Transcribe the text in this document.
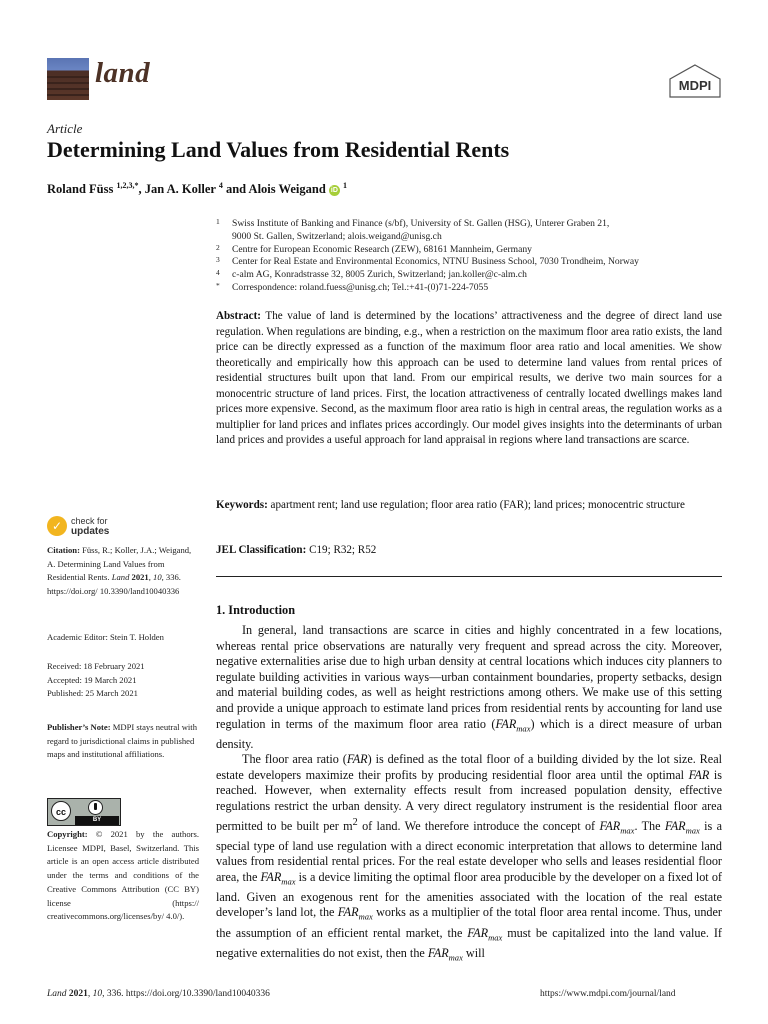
land	MDPI
Article
Determining Land Values from Residential Rents
Roland Füss $^{1,2,3,*}$, Jan A. Koller $^4$ and Alois Weigand iD $^1$
1 Swiss Institute of Banking and Finance (s/bf), University of St. Gallen (HSG), Unterer Graben 21,
9000 St. Gallen, Switzerland; alois.weigand@unisg.ch
2 Centre for European Economic Research (ZEW), 68161 Mannheim, Germany
3 Center for Real Estate and Environmental Economics, NTNU Business School, 7030 Trondheim, Norway
4 c-alm AG, Konradstrasse 32, 8005 Zurich, Switzerland; jan.koller@c-alm.ch
* Correspondence: roland.fuess@unisg.ch; Tel.:+41-(0)71-224-7055
Abstract: The value of land is determined by the locations’ attractiveness and the degree of direct land use regulation. When regulations are binding, e.g., when a restriction on the maximum floor area ratio exists, the land price can be directly expressed as a function of the maximum floor area ratio and local amenities. We show theoretically and empirically how this approach can be used to determine land values from rental prices of residential structures built upon that land. From our empirical results, we derive two main sources for a monocentric structure of land prices. First, the location attractiveness of centrally located dwellings makes land prices more expensive. Second, as the maximum floor area ratio is high in central areas, the regulation works as a multiplier for land prices and inflates prices accordingly. Our model gives insights into the determinants of urban land prices and provides a useful approach for land appraisal in regions where land transactions are scarce.
Keywords: apartment rent; land use regulation; floor area ratio (FAR); land prices; monocentric structure
JEL Classification: C19; R32; R52
1. Introduction

In general, land transactions are scarce in cities and highly concentrated in a few locations, whereas rental price observations are naturally very frequent and spread across the city. Moreover, negative externalities arise due to high urban density at central locations which induces city planners to regulate building activities in various ways—urban containment boundaries, property setbacks, design and material building codes, as well as height restrictions among others. We make use of this setting and provide a unique approach to estimate land prices from residential rents by accounting for land use regulation in terms of the maximum floor area ratio $(FAR_{max})$ which is a direct measure of urban density.

The floor area ratio (FAR) is defined as the total floor of a building divided by the lot size. Real estate developers maximize their profits by producing residential floor area until the optimal FAR is reached. However, when externality effects result from increased population density, effective regulations restrict the urban density. A very direct regulatory instrument is the residential floor area permitted to be built per $m^2$ of land. We therefore introduce the concept of $FAR_{max}$. The $FAR_{max}$ is a special type of land use regulation with a direct economic interpretation that allows to determine land values from residential rental prices. For the real estate developer who sells and leases residential floor area, the $FAR_{max}$ is a device limiting the optimal floor area producible by the developer on a fixed lot of land. Given an exogenous rent for the amenities associated with the location of the real estate developer’s land lot, the $FAR_{max}$ works as a multiplier of the total floor area rental income. Thus, under the assumption of an efficient rental market, the $FAR_{max}$ must be capitalized into the land value. If negative externalities do not exist, then the $FAR_{max}$ will

✓ check for
updates
Citation: Füss, R.; Koller, J.A.; Weigand, A. Determining Land Values from Residential Rents. Land 2021, 10, 336. https://doi.org/ 10.3390/land10040336
Academic Editor: Stein T. Holden
Received: 18 February 2021
Accepted: 19 March 2021
Published: 25 March 2021
Publisher’s Note: MDPI stays neutral with regard to jurisdictional claims in published maps and institutional affiliations.
cc
BY
Copyright: © 2021 by the authors. Licensee MDPI, Basel, Switzerland. This article is an open access article distributed under the terms and conditions of the Creative Commons Attribution (CC BY) license (https:// creativecommons.org/licenses/by/ 4.0/).
Land 2021, 10, 336. https://doi.org/10.3390/land10040336	https://www.mdpi.com/journal/land
